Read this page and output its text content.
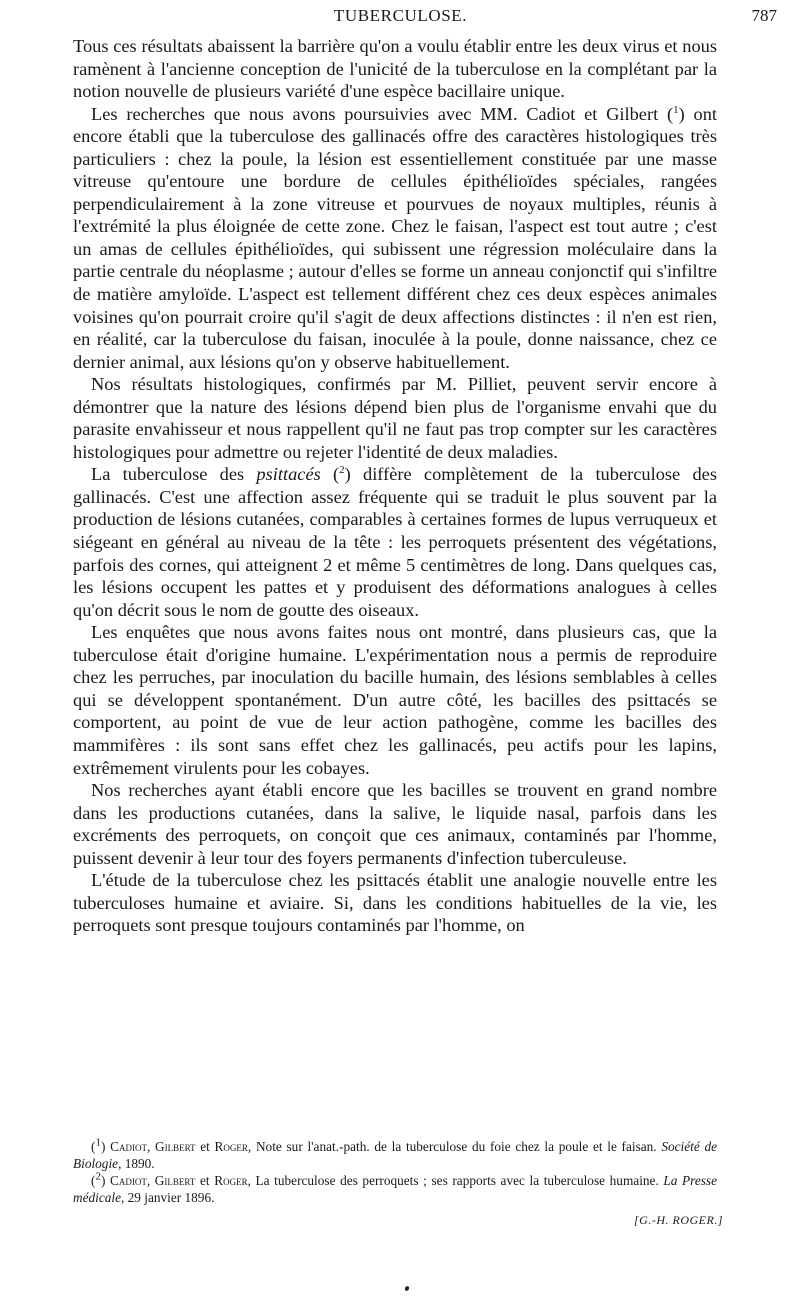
TUBERCULOSE.	787

Tous ces résultats abaissent la barrière qu'on a voulu établir entre les deux virus et nous ramènent à l'ancienne conception de l'unicité de la tuberculose en la complétant par la notion nouvelle de plusieurs variété d'une espèce bacillaire unique.

Les recherches que nous avons poursuivies avec MM. Cadiot et Gilbert ($^1$) ont encore établi que la tuberculose des gallinacés offre des caractères histologiques très particuliers : chez la poule, la lésion est essentiellement constituée par une masse vitreuse qu'entoure une bordure de cellules épithélioïdes spéciales, rangées perpendiculairement à la zone vitreuse et pourvues de noyaux multiples, réunis à l'extrémité la plus éloignée de cette zone. Chez le faisan, l'aspect est tout autre ; c'est un amas de cellules épithélioïdes, qui subissent une régression moléculaire dans la partie centrale du néoplasme ; autour d'elles se forme un anneau conjonctif qui s'infiltre de matière amyloïde. L'aspect est tellement différent chez ces deux espèces animales voisines qu'on pourrait croire qu'il s'agit de deux affections distinctes : il n'en est rien, en réalité, car la tuberculose du faisan, inoculée à la poule, donne naissance, chez ce dernier animal, aux lésions qu'on y observe habituellement.

Nos résultats histologiques, confirmés par M. Pilliet, peuvent servir encore à démontrer que la nature des lésions dépend bien plus de l'organisme envahi que du parasite envahisseur et nous rappellent qu'il ne faut pas trop compter sur les caractères histologiques pour admettre ou rejeter l'identité de deux maladies.

La tuberculose des psittacés ($^2$) diffère complètement de la tuberculose des gallinacés. C'est une affection assez fréquente qui se traduit le plus souvent par la production de lésions cutanées, comparables à certaines formes de lupus verruqueux et siégeant en général au niveau de la tête : les perroquets présentent des végétations, parfois des cornes, qui atteignent 2 et même 5 centimètres de long. Dans quelques cas, les lésions occupent les pattes et y produisent des déformations analogues à celles qu'on décrit sous le nom de goutte des oiseaux.

Les enquêtes que nous avons faites nous ont montré, dans plusieurs cas, que la tuberculose était d'origine humaine. L'expérimentation nous a permis de reproduire chez les perruches, par inoculation du bacille humain, des lésions semblables à celles qui se développent spontanément. D'un autre côté, les bacilles des psittacés se comportent, au point de vue de leur action pathogène, comme les bacilles des mammifères : ils sont sans effet chez les gallinacés, peu actifs pour les lapins, extrêmement virulents pour les cobayes.

Nos recherches ayant établi encore que les bacilles se trouvent en grand nombre dans les productions cutanées, dans la salive, le liquide nasal, parfois dans les excréments des perroquets, on conçoit que ces animaux, contaminés par l'homme, puissent devenir à leur tour des foyers permanents d'infection tuberculeuse.

L'étude de la tuberculose chez les psittacés établit une analogie nouvelle entre les tuberculoses humaine et aviaire. Si, dans les conditions habituelles de la vie, les perroquets sont presque toujours contaminés par l'homme, on

($^1$) Cadiot, Gilbert et Roger, Note sur l'anat.-path. de la tuberculose du foie chez la poule et le faisan. Société de Biologie, 1890.

($^2$) Cadiot, Gilbert et Roger, La tuberculose des perroquets ; ses rapports avec la tuberculose humaine. La Presse médicale, 29 janvier 1896.

[G.-H. ROGER.]
